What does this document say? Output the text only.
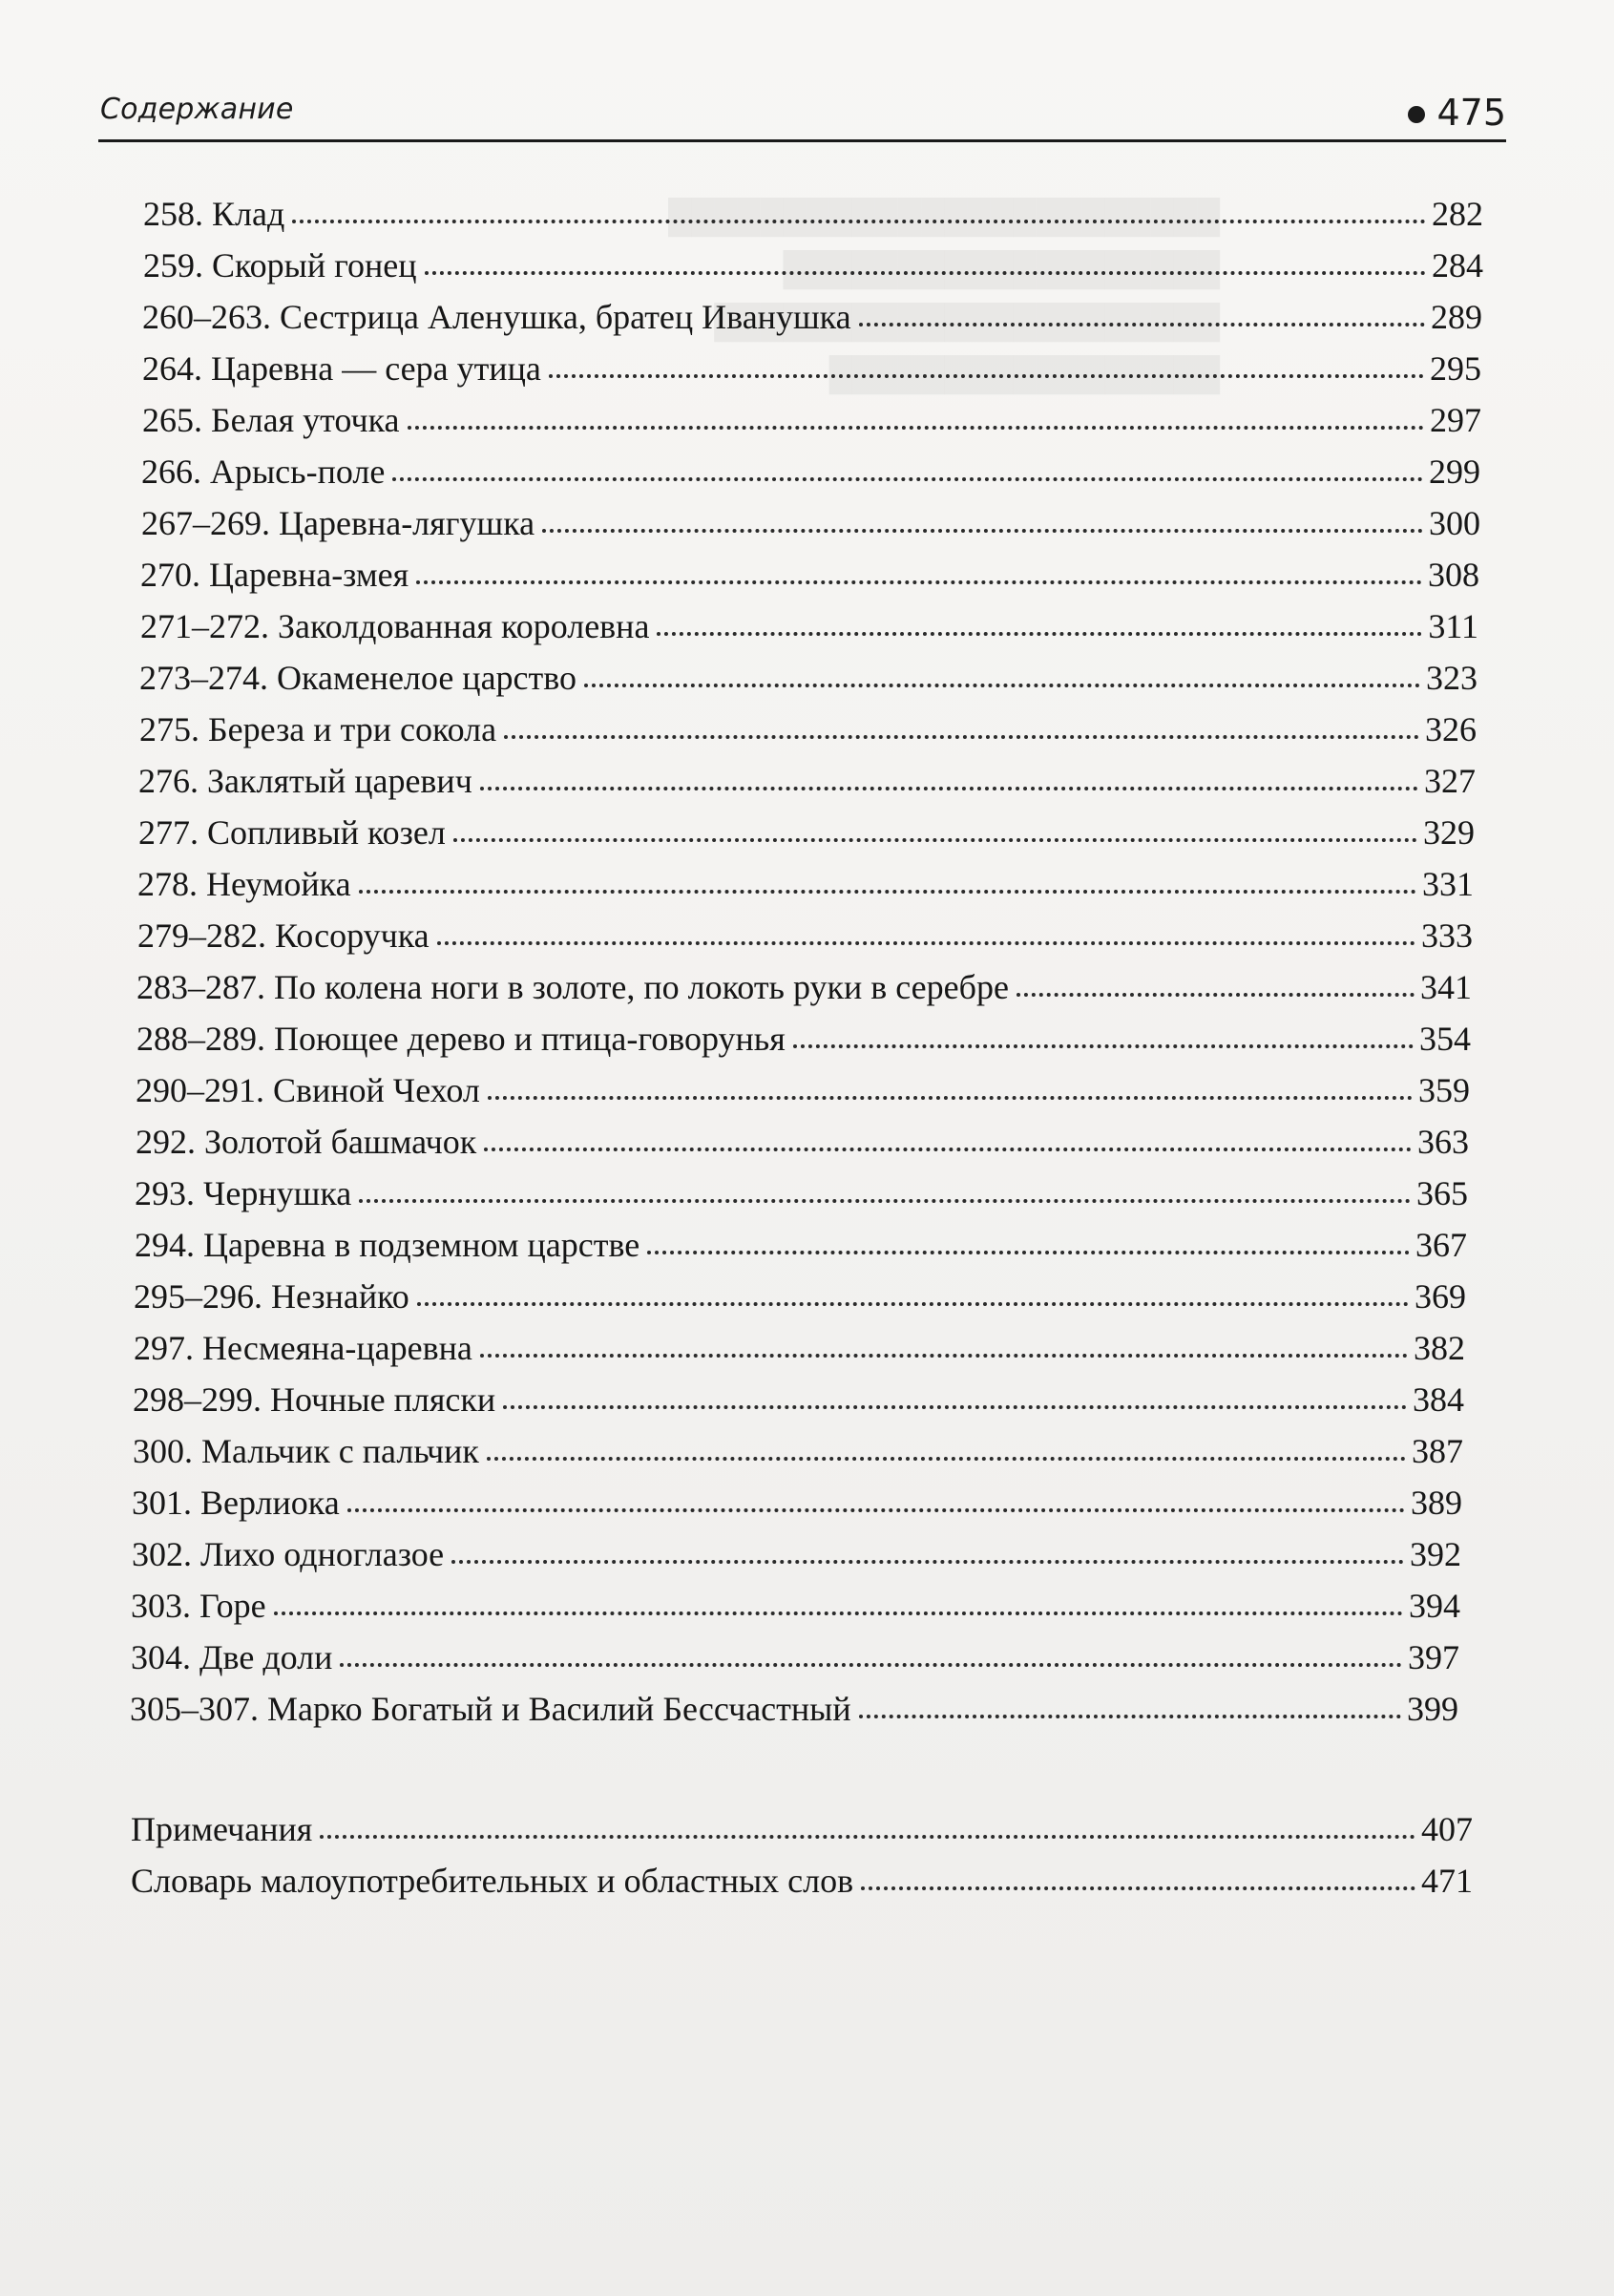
████████████████████████
███████████████████
██████████████████████
█████████████████
Содержание	475
258. Клад	282
259. Скорый гонец	284
260–263. Сестрица Аленушка, братец Иванушка	289
264. Царевна — сера утица	295
265. Белая уточка	297
266. Арысь-поле	299
267–269. Царевна-лягушка	300
270. Царевна-змея	308
271–272. Заколдованная королевна	311
273–274. Окаменелое царство	323
275. Береза и три сокола	326
276. Заклятый царевич	327
277. Сопливый козел	329
278. Неумойка	331
279–282. Косоручка	333
283–287. По колена ноги в золоте, по локоть руки в серебре	341
288–289. Поющее дерево и птица-говорунья	354
290–291. Свиной Чехол	359
292. Золотой башмачок	363
293. Чернушка	365
294. Царевна в подземном царстве	367
295–296. Незнайко	369
297. Несмеяна-царевна	382
298–299. Ночные пляски	384
300. Мальчик с пальчик	387
301. Верлиока	389
302. Лихо одноглазое	392
303. Горе	394
304. Две доли	397
305–307. Марко Богатый и Василий Бессчастный	399
Примечания	407
Словарь малоупотребительных и областных слов	471
